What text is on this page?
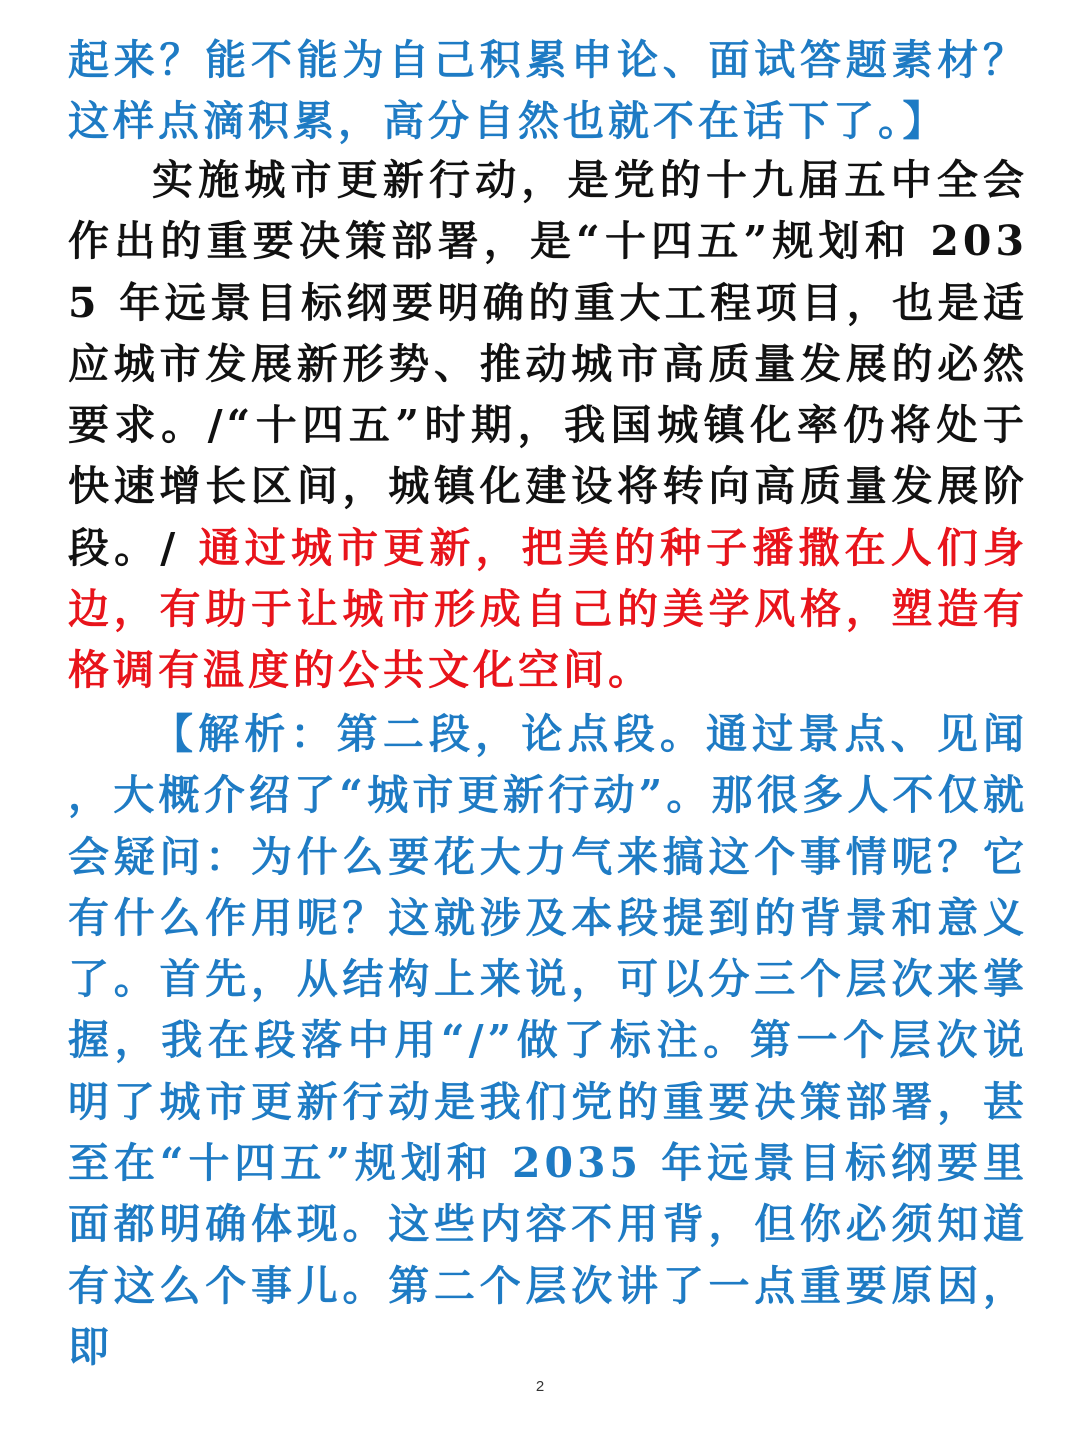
起来？能不能为自己积累申论、面试答题素材？这样点滴积累，高分自然也就不在话下了。】

实施城市更新行动，是党的十九届五中全会作出的重要决策部署，是“十四五”规划和 2035 年远景目标纲要明确的重大工程项目，也是适应城市发展新形势、推动城市高质量发展的必然要求。/“十四五”时期，我国城镇化率仍将处于快速增长区间，城镇化建设将转向高质量发展阶段。/ 通过城市更新，把美的种子播撒在人们身边，有助于让城市形成自己的美学风格，塑造有格调有温度的公共文化空间。

【解析：第二段，论点段。通过景点、见闻，大概介绍了“城市更新行动”。那很多人不仅就会疑问：为什么要花大力气来搞这个事情呢？它有什么作用呢？这就涉及本段提到的背景和意义了。首先，从结构上来说，可以分三个层次来掌握，我在段落中用“/”做了标注。第一个层次说明了城市更新行动是我们党的重要决策部署，甚至在“十四五”规划和 2035 年远景目标纲要里面都明确体现。这些内容不用背，但你必须知道有这么个事儿。第二个层次讲了一点重要原因，即

2
